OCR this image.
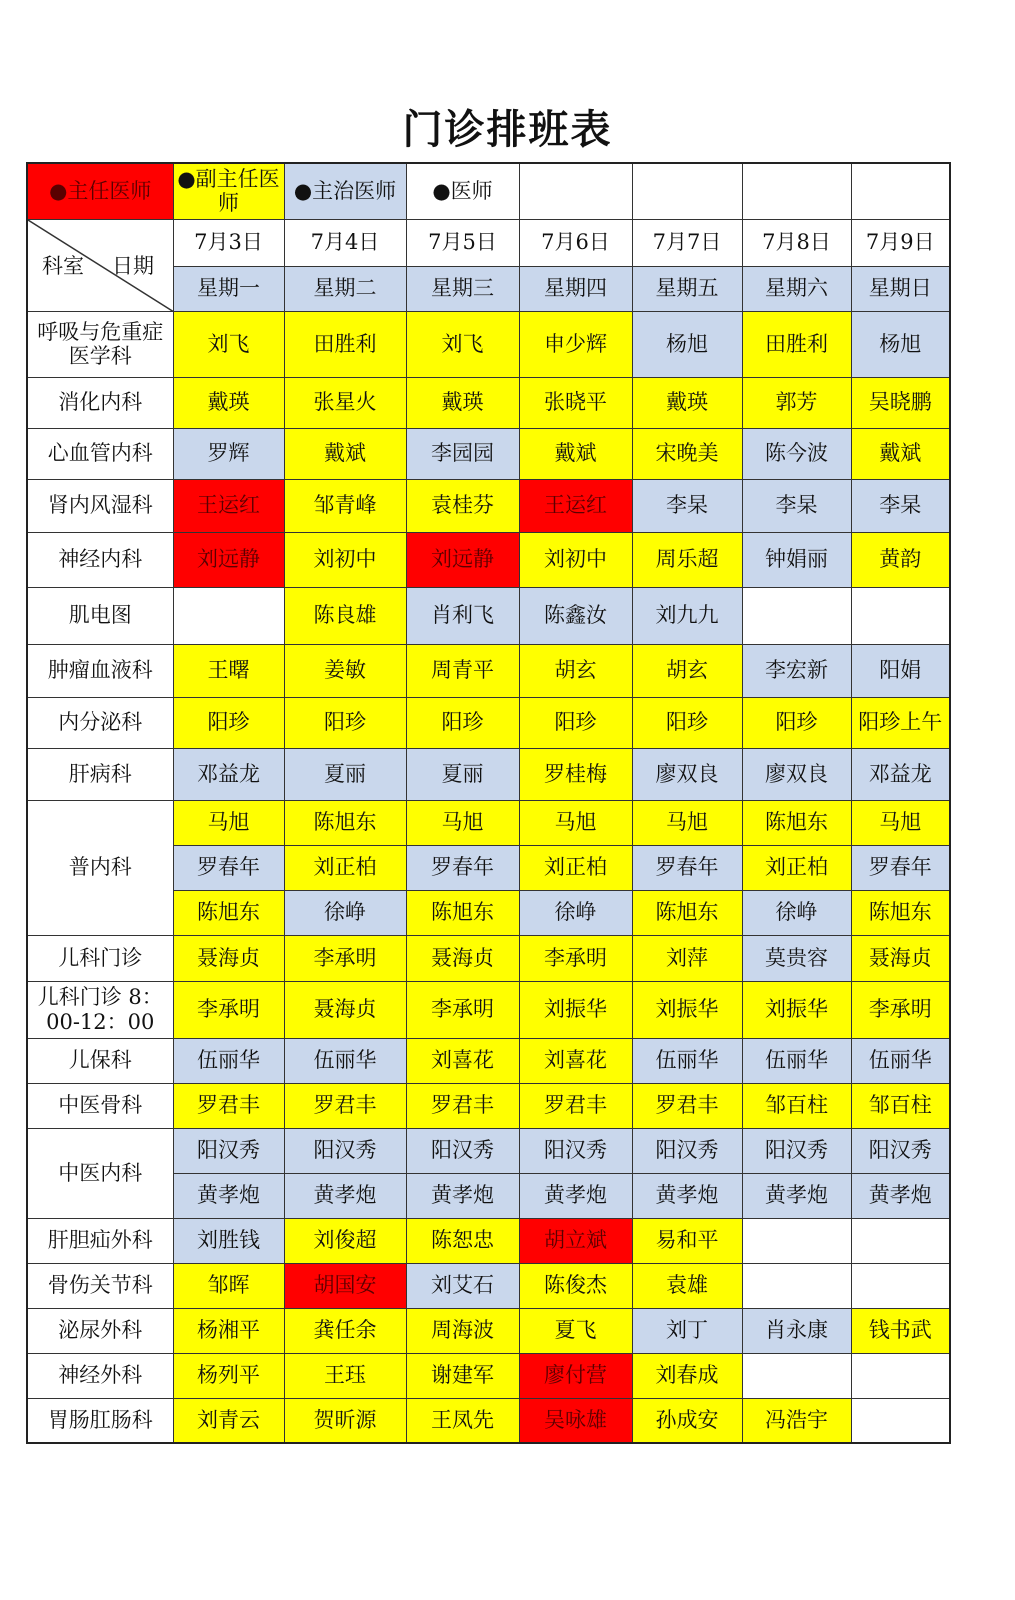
门诊排班表
●主任医师	●副主任医师	●主治医师	●医师				

科室 日期	7月3日	7月4日	7月5日	7月6日	7月7日	7月8日	7月9日
	星期一	星期二	星期三	星期四	星期五	星期六	星期日
呼吸与危重症医学科	刘飞	田胜利	刘飞	申少辉	杨旭	田胜利	杨旭
消化内科	戴瑛	张星火	戴瑛	张晓平	戴瑛	郭芳	吴晓鹏
心血管内科	罗辉	戴斌	李园园	戴斌	宋晚美	陈今波	戴斌
肾内风湿科	王运红	邹青峰	袁桂芬	王运红	李杲	李杲	李杲
神经内科	刘远静	刘初中	刘远静	刘初中	周乐超	钟娟丽	黄韵
肌电图		陈良雄	肖利飞	陈鑫汝	刘九九		
肿瘤血液科	王曙	姜敏	周青平	胡玄	胡玄	李宏新	阳娟
内分泌科	阳珍	阳珍	阳珍	阳珍	阳珍	阳珍	阳珍上午
肝病科	邓益龙	夏丽	夏丽	罗桂梅	廖双良	廖双良	邓益龙
普内科	马旭	陈旭东	马旭	马旭	马旭	陈旭东	马旭
	罗春年	刘正柏	罗春年	刘正柏	罗春年	刘正柏	罗春年
	陈旭东	徐峥	陈旭东	徐峥	陈旭东	徐峥	陈旭东
儿科门诊	聂海贞	李承明	聂海贞	李承明	刘萍	莫贵容	聂海贞
儿科门诊 8：00-12：00	李承明	聂海贞	李承明	刘振华	刘振华	刘振华	李承明
儿保科	伍丽华	伍丽华	刘喜花	刘喜花	伍丽华	伍丽华	伍丽华
中医骨科	罗君丰	罗君丰	罗君丰	罗君丰	罗君丰	邹百柱	邹百柱
中医内科	阳汉秀	阳汉秀	阳汉秀	阳汉秀	阳汉秀	阳汉秀	阳汉秀
	黄孝炮	黄孝炮	黄孝炮	黄孝炮	黄孝炮	黄孝炮	黄孝炮
肝胆疝外科	刘胜钱	刘俊超	陈恕忠	胡立斌	易和平		
骨伤关节科	邹晖	胡国安	刘艾石	陈俊杰	袁雄		
泌尿外科	杨湘平	龚任余	周海波	夏飞	刘丁	肖永康	钱书武
神经外科	杨列平	王珏	谢建军	廖付营	刘春成		
胃肠肛肠科	刘青云	贺昕源	王凤先	吴咏雄	孙成安	冯浩宇	
